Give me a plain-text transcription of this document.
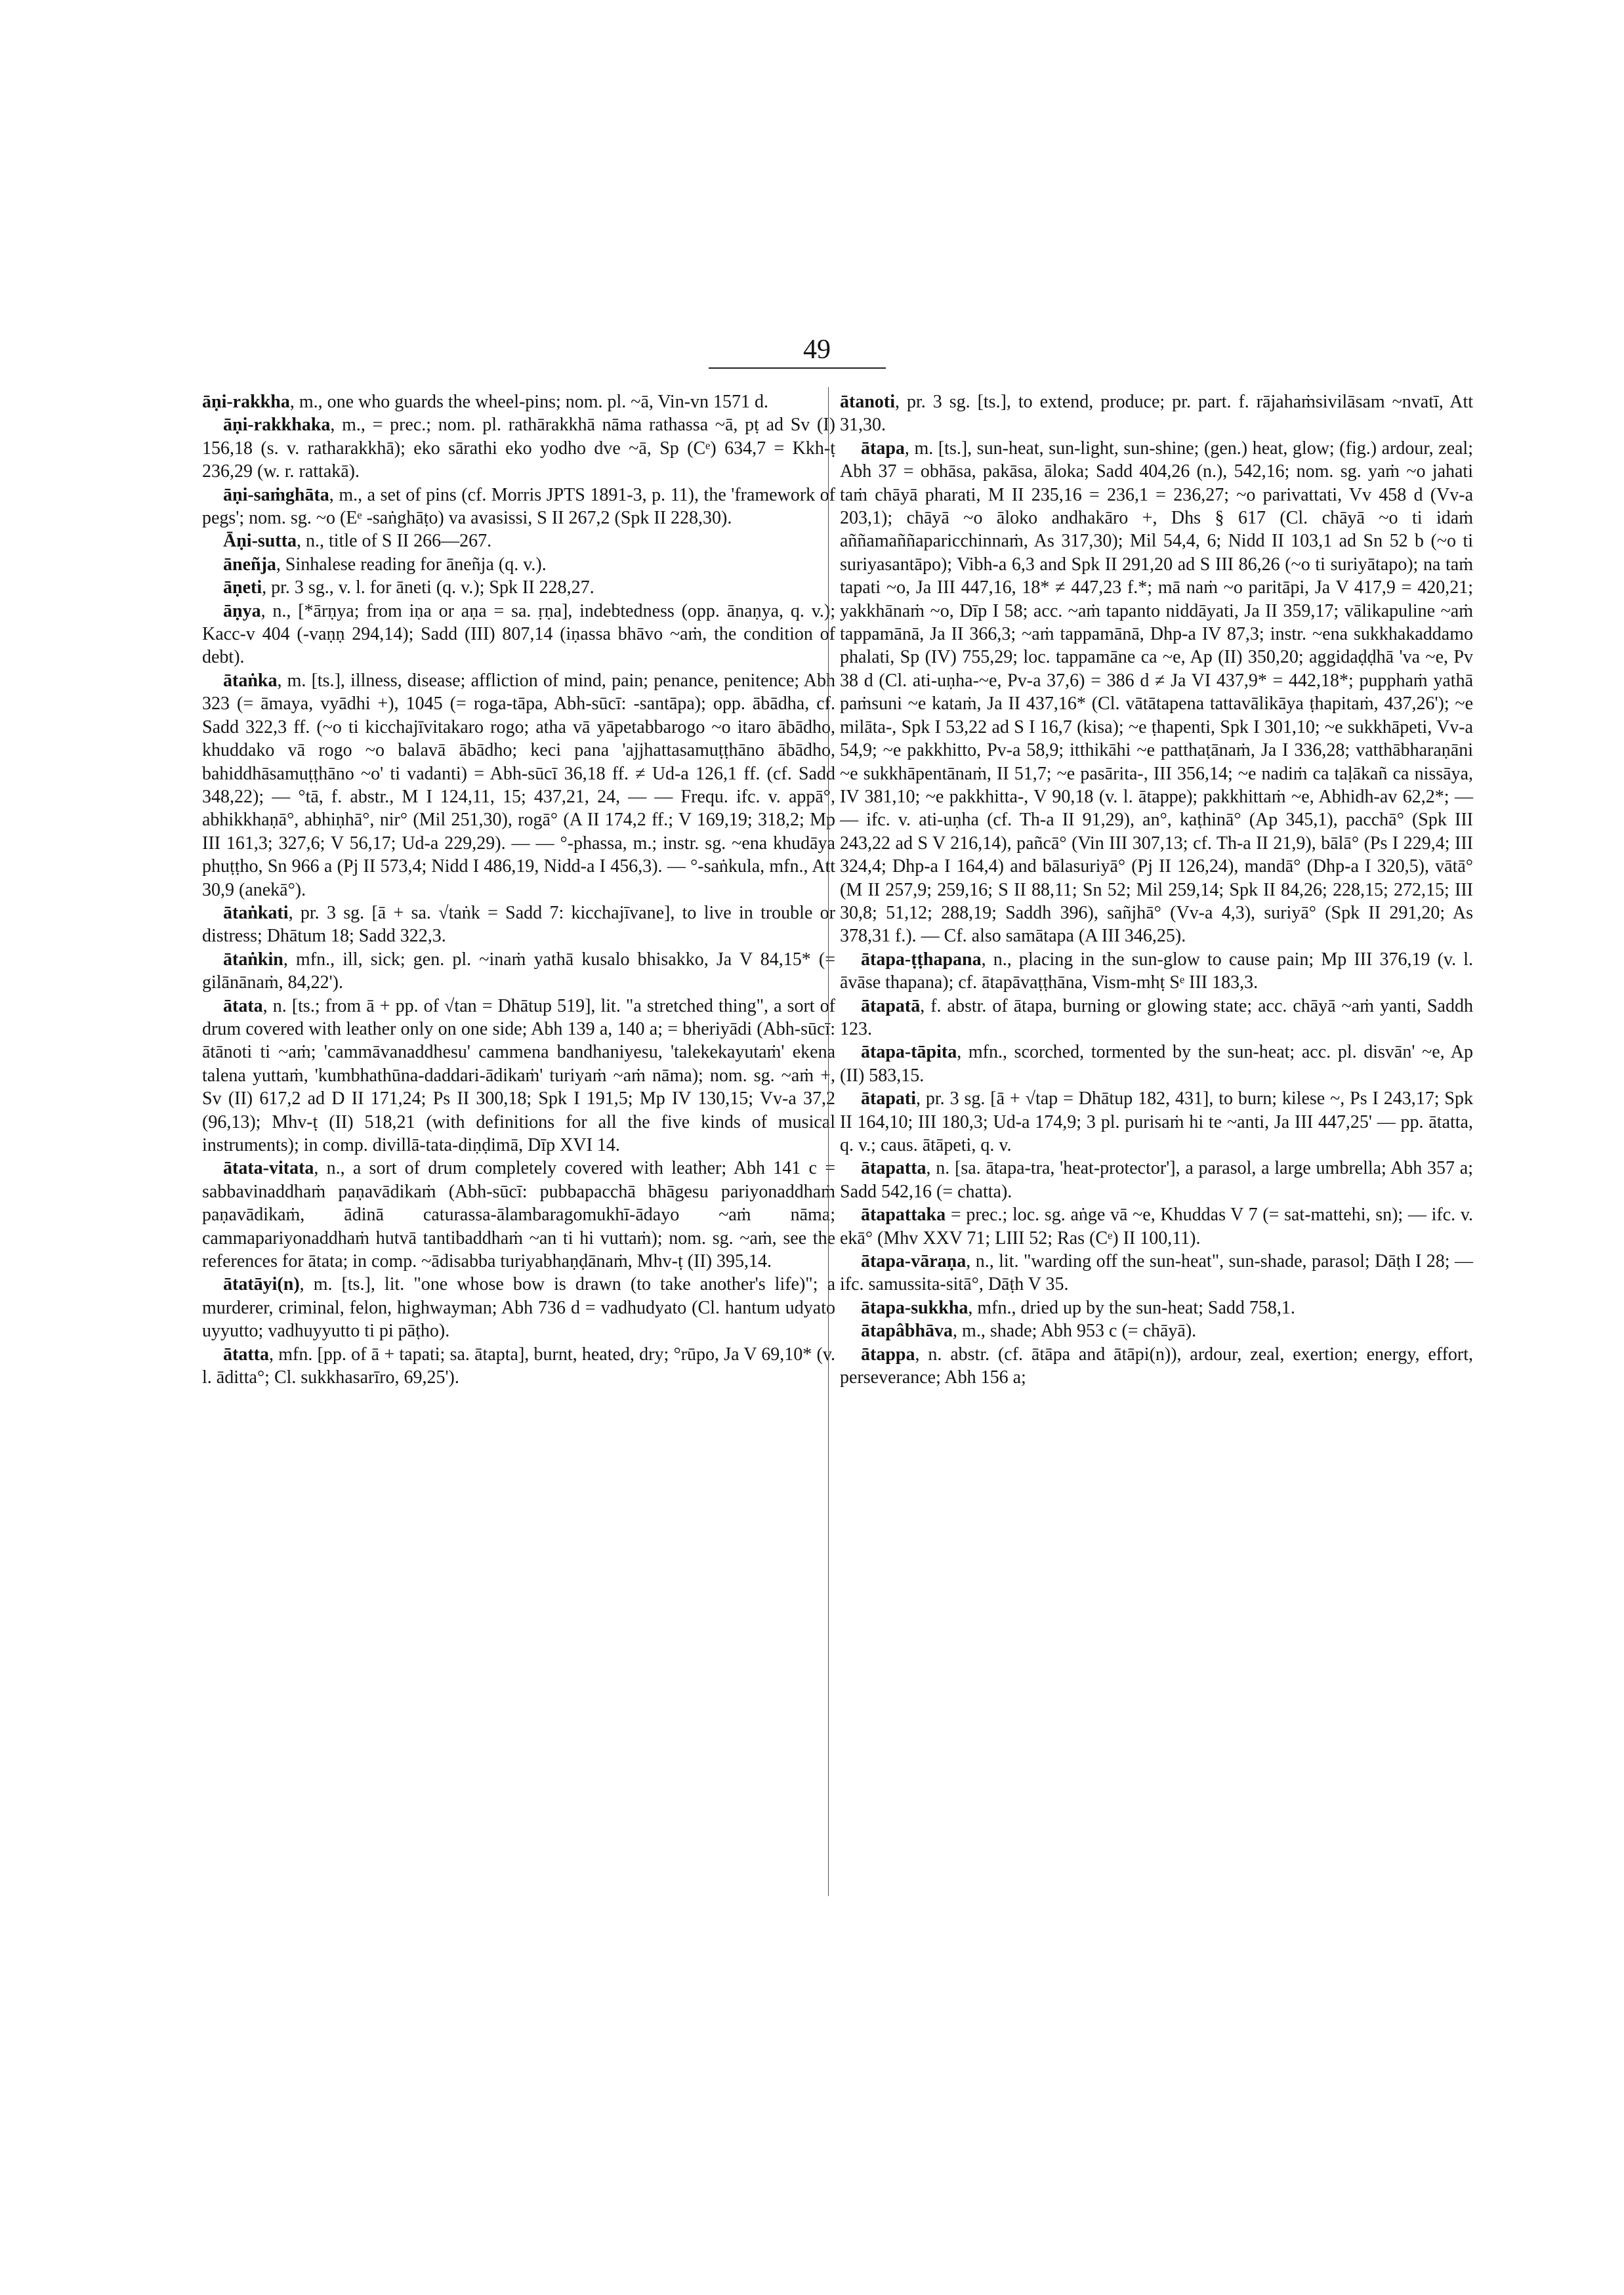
49

āṇi-rakkha, m., one who guards the wheel-pins; nom. pl. ~ā, Vin-vn 1571 d.

āṇi-rakkhaka, m., = prec.; nom. pl. rathārakkhā nāma rathassa ~ā, pṭ ad Sv (I) 156,18 (s. v. ratharakkhā); eko sārathi eko yodho dve ~ā, Sp (Cᵉ) 634,7 = Kkh-ṭ 236,29 (w. r. rattakā).

āṇi-saṁghāta, m., a set of pins (cf. Morris JPTS 1891-3, p. 11), the 'framework of pegs'; nom. sg. ~o (Eᵉ -saṅghāṭo) va avasissi, S II 267,2 (Spk II 228,30).

Āṇi-sutta, n., title of S II 266—267.

āneñja, Sinhalese reading for āneñja (q. v.).

āṇeti, pr. 3 sg., v. l. for āneti (q. v.); Spk II 228,27.

āṇya, n., [*ārṇya; from iṇa or aṇa = sa. ṛṇa], indebtedness (opp. ānaṇya, q. v.); Kacc-v 404 (-vaṇṇ 294,14); Sadd (III) 807,14 (iṇassa bhāvo ~aṁ, the condition of debt).

ātaṅka, m. [ts.], illness, disease; affliction of mind, pain; penance, penitence; Abh 323 (= āmaya, vyādhi +), 1045 (= roga-tāpa, Abh-sūcī: -santāpa); opp. ābādha, cf. Sadd 322,3 ff. (~o ti kicchajīvitakaro rogo; atha vā yāpetabbarogo ~o itaro ābādho, khuddako vā rogo ~o balavā ābādho; keci pana 'ajjhattasamuṭṭhāno ābādho, bahiddhāsamuṭṭhāno ~o' ti vadanti) = Abh-sūcī 36,18 ff. ≠ Ud-a 126,1 ff. (cf. Sadd 348,22); — °tā, f. abstr., M I 124,11, 15; 437,21, 24, — — Frequ. ifc. v. appā°, abhikkhaṇā°, abhiṇhā°, nir° (Mil 251,30), rogā° (A II 174,2 ff.; V 169,19; 318,2; Mp III 161,3; 327,6; V 56,17; Ud-a 229,29). — — °-phassa, m.; instr. sg. ~ena khudāya phuṭṭho, Sn 966 a (Pj II 573,4; Nidd I 486,19, Nidd-a I 456,3). — °-saṅkula, mfn., Att 30,9 (anekā°).

ātaṅkati, pr. 3 sg. [ā + sa. √taṅk = Sadd 7: kicchajīvane], to live in trouble or distress; Dhātum 18; Sadd 322,3.

ātaṅkin, mfn., ill, sick; gen. pl. ~inaṁ yathā kusalo bhisakko, Ja V 84,15* (= gilānānaṁ, 84,22').

ātata, n. [ts.; from ā + pp. of √tan = Dhātup 519], lit. "a stretched thing", a sort of drum covered with leather only on one side; Abh 139 a, 140 a; = bheriyādi (Abh-sūcī: ātānoti ti ~aṁ; 'cammāvanaddhesu' cammena bandhaniyesu, 'talekekayutaṁ' ekena talena yuttaṁ, 'kumbhathūna-daddari-ādikaṁ' turiyaṁ ~aṁ nāma); nom. sg. ~aṁ +, Sv (II) 617,2 ad D II 171,24; Ps II 300,18; Spk I 191,5; Mp IV 130,15; Vv-a 37,2 (96,13); Mhv-ṭ (II) 518,21 (with definitions for all the five kinds of musical instruments); in comp. divillā-tata-diṇḍimā, Dīp XVI 14.

ātata-vitata, n., a sort of drum completely covered with leather; Abh 141 c = sabbavinaddhaṁ paṇavādikaṁ (Abh-sūcī: pubbapacchā bhāgesu pariyonaddhaṁ paṇavādikaṁ, ādinā caturassa-ālambaragomukhī-ādayo ~aṁ nāma; cammapariyonaddhaṁ hutvā tantibaddhaṁ ~an ti hi vuttaṁ); nom. sg. ~aṁ, see the references for ātata; in comp. ~ādisabba turiyabhaṇḍānaṁ, Mhv-ṭ (II) 395,14.

ātatāyi(n), m. [ts.], lit. "one whose bow is drawn (to take another's life)"; a murderer, criminal, felon, highwayman; Abh 736 d = vadhudyato (Cl. hantum udyato uyyutto; vadhuyyutto ti pi pāṭho).

ātatta, mfn. [pp. of ā + tapati; sa. ātapta], burnt, heated, dry; °rūpo, Ja V 69,10* (v. l. āditta°; Cl. sukkhasarīro, 69,25').

ātanoti, pr. 3 sg. [ts.], to extend, produce; pr. part. f. rājahaṁsivilāsam ~nvatī, Att 31,30.

ātapa, m. [ts.], sun-heat, sun-light, sun-shine; (gen.) heat, glow; (fig.) ardour, zeal; Abh 37 = obhāsa, pakāsa, āloka; Sadd 404,26 (n.), 542,16; nom. sg. yaṁ ~o jahati taṁ chāyā pharati, M II 235,16 = 236,1 = 236,27; ~o parivattati, Vv 458 d (Vv-a 203,1); chāyā ~o āloko andhakāro +, Dhs § 617 (Cl. chāyā ~o ti idaṁ aññamaññaparicchinnaṁ, As 317,30); Mil 54,4, 6; Nidd II 103,1 ad Sn 52 b (~o ti suriyasantāpo); Vibh-a 6,3 and Spk II 291,20 ad S III 86,26 (~o ti suriyātapo); na taṁ tapati ~o, Ja III 447,16, 18* ≠ 447,23 f.*; mā naṁ ~o paritāpi, Ja V 417,9 = 420,21; yakkhānaṁ ~o, Dīp I 58; acc. ~aṁ tapanto niddāyati, Ja II 359,17; vālikapuline ~aṁ tappamānā, Ja II 366,3; ~aṁ tappamānā, Dhp-a IV 87,3; instr. ~ena sukkhakaddamo phalati, Sp (IV) 755,29; loc. tappamāne ca ~e, Ap (II) 350,20; aggidaḍḍhā 'va ~e, Pv 38 d (Cl. ati-uṇha-~e, Pv-a 37,6) = 386 d ≠ Ja VI 437,9* = 442,18*; pupphaṁ yathā paṁsuni ~e kataṁ, Ja II 437,16* (Cl. vātātapena tattavālikāya ṭhapitaṁ, 437,26'); ~e milāta-, Spk I 53,22 ad S I 16,7 (kisa); ~e ṭhapenti, Spk I 301,10; ~e sukkhāpeti, Vv-a 54,9; ~e pakkhitto, Pv-a 58,9; itthikāhi ~e patthaṭānaṁ, Ja I 336,28; vatthābharaṇāni ~e sukkhāpentānaṁ, II 51,7; ~e pasārita-, III 356,14; ~e nadiṁ ca taḷākañ ca nissāya, IV 381,10; ~e pakkhitta-, V 90,18 (v. l. ātappe); pakkhittaṁ ~e, Abhidh-av 62,2*; — — ifc. v. ati-uṇha (cf. Th-a II 91,29), an°, kaṭhinā° (Ap 345,1), pacchā° (Spk III 243,22 ad S V 216,14), pañcā° (Vin III 307,13; cf. Th-a II 21,9), bālā° (Ps I 229,4; III 324,4; Dhp-a I 164,4) and bālasuriyā° (Pj II 126,24), mandā° (Dhp-a I 320,5), vātā° (M II 257,9; 259,16; S II 88,11; Sn 52; Mil 259,14; Spk II 84,26; 228,15; 272,15; III 30,8; 51,12; 288,19; Saddh 396), sañjhā° (Vv-a 4,3), suriyā° (Spk II 291,20; As 378,31 f.). — Cf. also samātapa (A III 346,25).

ātapa-ṭṭhapana, n., placing in the sun-glow to cause pain; Mp III 376,19 (v. l. āvāse thapana); cf. ātapāvaṭṭhāna, Vism-mhṭ Sᵉ III 183,3.

ātapatā, f. abstr. of ātapa, burning or glowing state; acc. chāyā ~aṁ yanti, Saddh 123.

ātapa-tāpita, mfn., scorched, tormented by the sun-heat; acc. pl. disvān' ~e, Ap (II) 583,15.

ātapati, pr. 3 sg. [ā + √tap = Dhātup 182, 431], to burn; kilese ~, Ps I 243,17; Spk II 164,10; III 180,3; Ud-a 174,9; 3 pl. purisaṁ hi te ~anti, Ja III 447,25' — pp. ātatta, q. v.; caus. ātāpeti, q. v.

ātapatta, n. [sa. ātapa-tra, 'heat-protector'], a parasol, a large umbrella; Abh 357 a; Sadd 542,16 (= chatta).

ātapattaka = prec.; loc. sg. aṅge vā ~e, Khuddas V 7 (= sat-mattehi, sn); — ifc. v. ekā° (Mhv XXV 71; LIII 52; Ras (Cᵉ) II 100,11).

ātapa-vāraṇa, n., lit. "warding off the sun-heat", sun-shade, parasol; Dāṭh I 28; — ifc. samussita-sitā°, Dāṭh V 35.

ātapa-sukkha, mfn., dried up by the sun-heat; Sadd 758,1.

ātapâbhāva, m., shade; Abh 953 c (= chāyā).

ātappa, n. abstr. (cf. ātāpa and ātāpi(n)), ardour, zeal, exertion; energy, effort, perseverance; Abh 156 a;
